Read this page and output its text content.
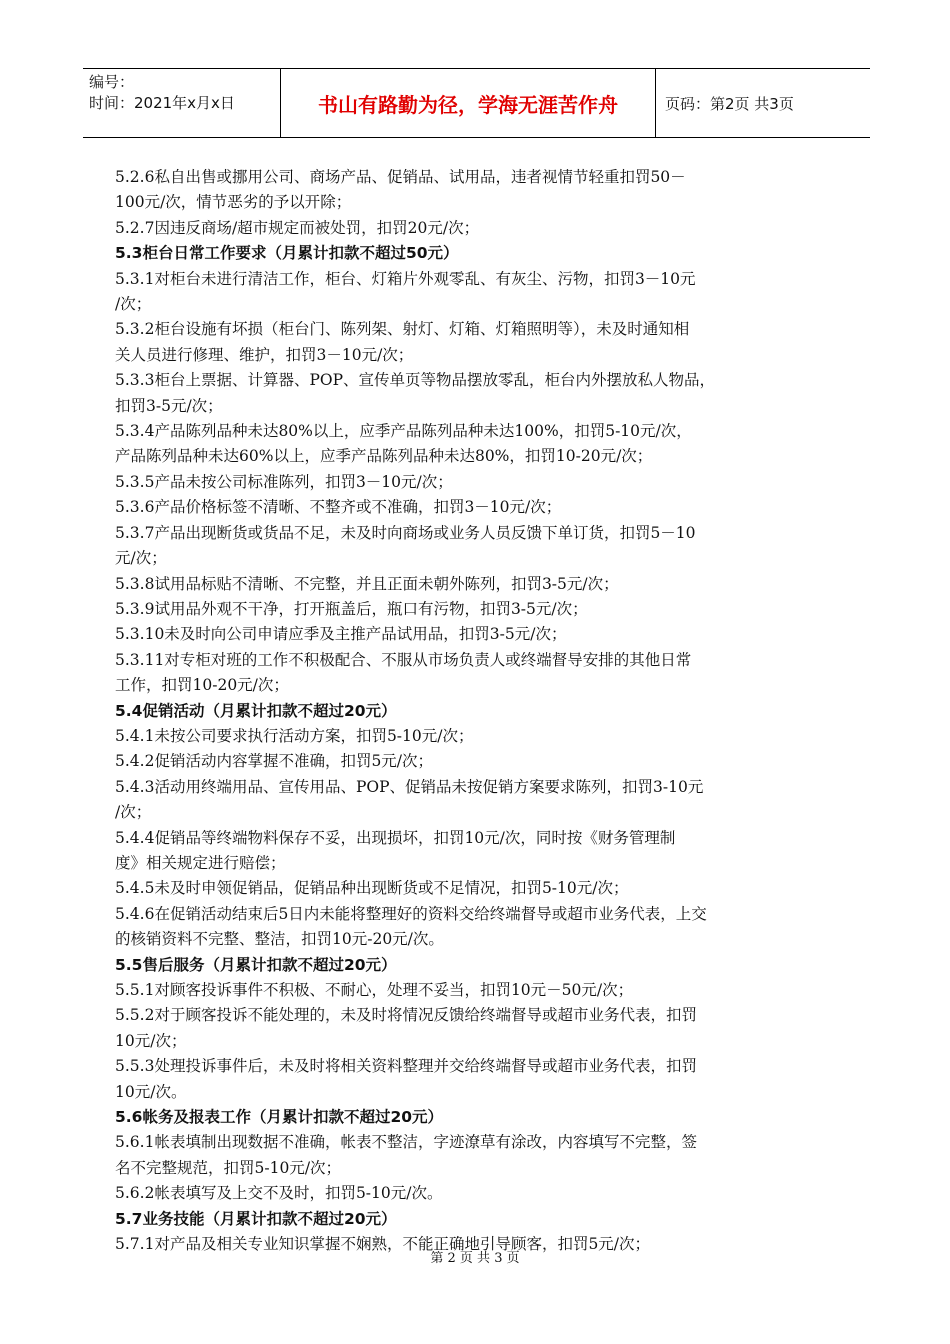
编号：
时间：2021年x月x日	书山有路勤为径，学海无涯苦作舟	页码：第2页 共3页
5.2.6私自出售或挪用公司、商场产品、促销品、试用品，违者视情节轻重扣罚50－
100元/次，情节恶劣的予以开除；
5.2.7因违反商场/超市规定而被处罚，扣罚20元/次；
5.3柜台日常工作要求（月累计扣款不超过50元）
5.3.1对柜台未进行清洁工作，柜台、灯箱片外观零乱、有灰尘、污物，扣罚3－10元
/次；
5.3.2柜台设施有坏损（柜台门、陈列架、射灯、灯箱、灯箱照明等），未及时通知相
关人员进行修理、维护，扣罚3－10元/次；
5.3.3柜台上票据、计算器、POP、宣传单页等物品摆放零乱，柜台内外摆放私人物品，
扣罚3-5元/次；
5.3.4产品陈列品种未达80%以上，应季产品陈列品种未达100%，扣罚5-10元/次，
产品陈列品种未达60%以上，应季产品陈列品种未达80%，扣罚10-20元/次；
5.3.5产品未按公司标准陈列，扣罚3－10元/次；
5.3.6产品价格标签不清晰、不整齐或不准确，扣罚3－10元/次；
5.3.7产品出现断货或货品不足，未及时向商场或业务人员反馈下单订货，扣罚5－10
元/次；
5.3.8试用品标贴不清晰、不完整，并且正面未朝外陈列，扣罚3-5元/次；
5.3.9试用品外观不干净，打开瓶盖后，瓶口有污物，扣罚3-5元/次；
5.3.10未及时向公司申请应季及主推产品试用品，扣罚3-5元/次；
5.3.11对专柜对班的工作不积极配合、不服从市场负责人或终端督导安排的其他日常
工作，扣罚10-20元/次；
5.4促销活动（月累计扣款不超过20元）
5.4.1未按公司要求执行活动方案，扣罚5-10元/次；
5.4.2促销活动内容掌握不准确，扣罚5元/次；
5.4.3活动用终端用品、宣传用品、POP、促销品未按促销方案要求陈列，扣罚3-10元
/次；
5.4.4促销品等终端物料保存不妥，出现损坏，扣罚10元/次，同时按《财务管理制
度》相关规定进行赔偿；
5.4.5未及时申领促销品，促销品种出现断货或不足情况，扣罚5-10元/次；
5.4.6在促销活动结束后5日内未能将整理好的资料交给终端督导或超市业务代表，上交
的核销资料不完整、整洁，扣罚10元-20元/次。
5.5售后服务（月累计扣款不超过20元）
5.5.1对顾客投诉事件不积极、不耐心，处理不妥当，扣罚10元－50元/次；
5.5.2对于顾客投诉不能处理的，未及时将情况反馈给终端督导或超市业务代表，扣罚
10元/次；
5.5.3处理投诉事件后，未及时将相关资料整理并交给终端督导或超市业务代表，扣罚
10元/次。
5.6帐务及报表工作（月累计扣款不超过20元）
5.6.1帐表填制出现数据不准确，帐表不整洁，字迹潦草有涂改，内容填写不完整，签
名不完整规范，扣罚5-10元/次；
5.6.2帐表填写及上交不及时，扣罚5-10元/次。
5.7业务技能（月累计扣款不超过20元）
5.7.1对产品及相关专业知识掌握不娴熟，不能正确地引导顾客，扣罚5元/次；
第 2 页 共 3 页
